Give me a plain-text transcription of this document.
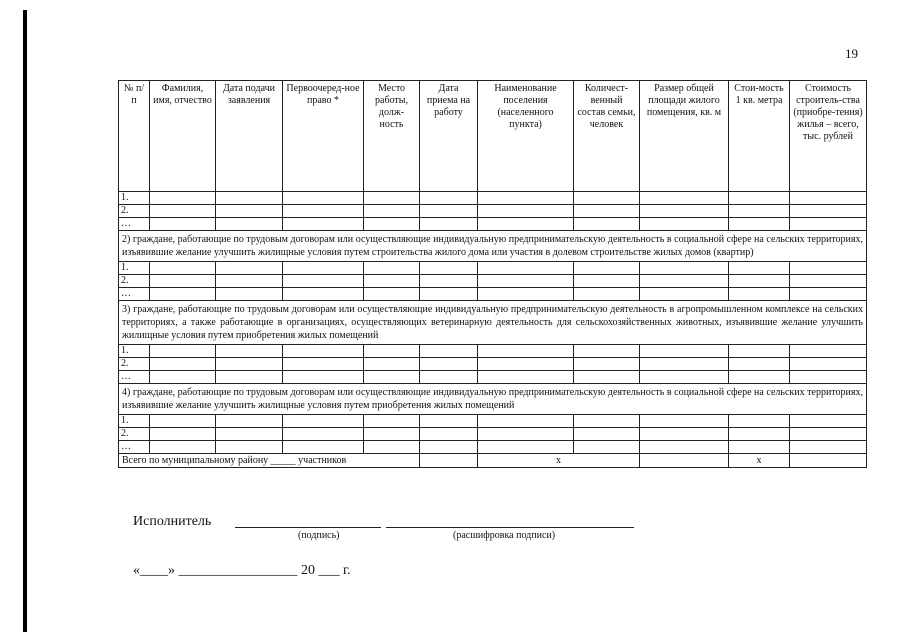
19
№ п/п	Фамилия, имя, отчество	Дата подачи заявления	Первоочеред-ное право *	Место работы, долж-ность	Дата приема на работу	Наименование поселения (населенного пункта)	Количест-венный состав семьи, человек	Размер общей площади жилого помещения, кв. м	Стои-мость 1 кв. метра	Стоимость строитель-ства (приобре-тения) жилья – всего, тыс. рублей
1.										
2.										
…										
2) граждане, работающие по трудовым договорам или осуществляющие индивидуальную предпринимательскую деятельность в социальной сфере на сельских территориях, изъявившие желание улучшить жилищные условия путем строительства жилого дома или участия в долевом строительстве жилых домов (квартир)										
1.										
2.										
…										
3) граждане, работающие по трудовым договорам или осуществляющие индивидуальную предпринимательскую деятельность в агропромышленном комплексе на сельских территориях, а также работающие в организациях, осуществляющих ветеринарную деятельность для сельскохозяйственных животных, изъявившие желание улучшить жилищные условия путем приобретения жилых помещений										
1.										
2.										
…										
4) граждане, работающие по трудовым договорам или осуществляющие индивидуальную предпринимательскую деятельность в социальной сфере на сельских территориях, изъявившие желание улучшить жилищные условия путем приобретения жилых помещений										
1.										
2.										
…										
Всего по муниципальному району _____ участников						х			х	
Исполнитель
(подпись)	(расшифровка подписи)
«____» _________________ 20 ___ г.
